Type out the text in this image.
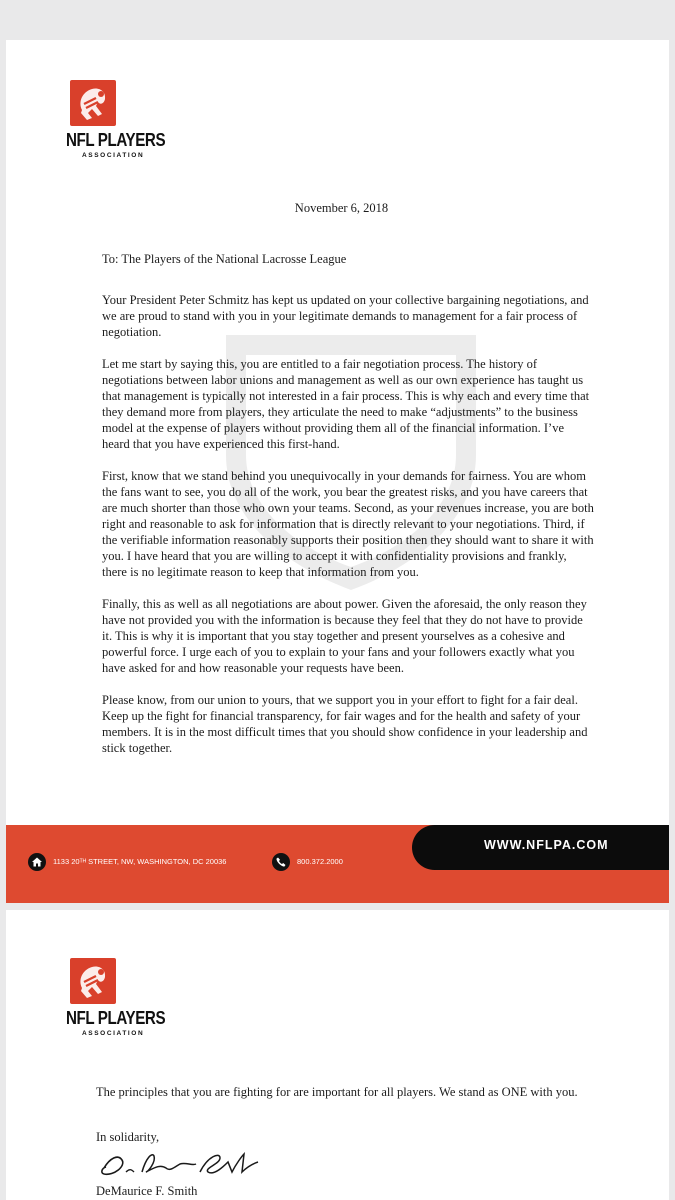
NFL PLAYERS
ASSOCIATION
November 6, 2018
To: The Players of the National Lacrosse League

Your President Peter Schmitz has kept us updated on your collective bargaining negotiations, and we are proud to stand with you in your legitimate demands to management for a fair process of negotiation.

Let me start by saying this, you are entitled to a fair negotiation process. The history of negotiations between labor unions and management as well as our own experience has taught us that management is typically not interested in a fair process. This is why each and every time that they demand more from players, they articulate the need to make “adjustments” to the business model at the expense of players without providing them all of the financial information. I’ve heard that you have experienced this first-hand.

First, know that we stand behind you unequivocally in your demands for fairness. You are whom the fans want to see, you do all of the work, you bear the greatest risks, and you have careers that are much shorter than those who own your teams. Second, as your revenues increase, you are both right and reasonable to ask for information that is directly relevant to your negotiations. Third, if the verifiable information reasonably supports their position then they should want to share it with you. I have heard that you are willing to accept it with confidentiality provisions and frankly, there is no legitimate reason to keep that information from you.

Finally, this as well as all negotiations are about power. Given the aforesaid, the only reason they have not provided you with the information is because they feel that they do not have to provide it. This is why it is important that you stay together and present yourselves as a cohesive and powerful force. I urge each of you to explain to your fans and your followers exactly what you have asked for and how reasonable your requests have been.

Please know, from our union to yours, that we support you in your effort to fight for a fair deal. Keep up the fight for financial transparency, for fair wages and for the health and safety of your members. It is in the most difficult times that you should show confidence in your leadership and stick together.

WWW.NFLPA.COM
1133 20ᵀᴴ STREET, NW, WASHINGTON, DC 20036	800.372.2000
NFL PLAYERS
ASSOCIATION
The principles that you are fighting for are important for all players. We stand as ONE with you.
In solidarity,
DeMaurice F. Smith
